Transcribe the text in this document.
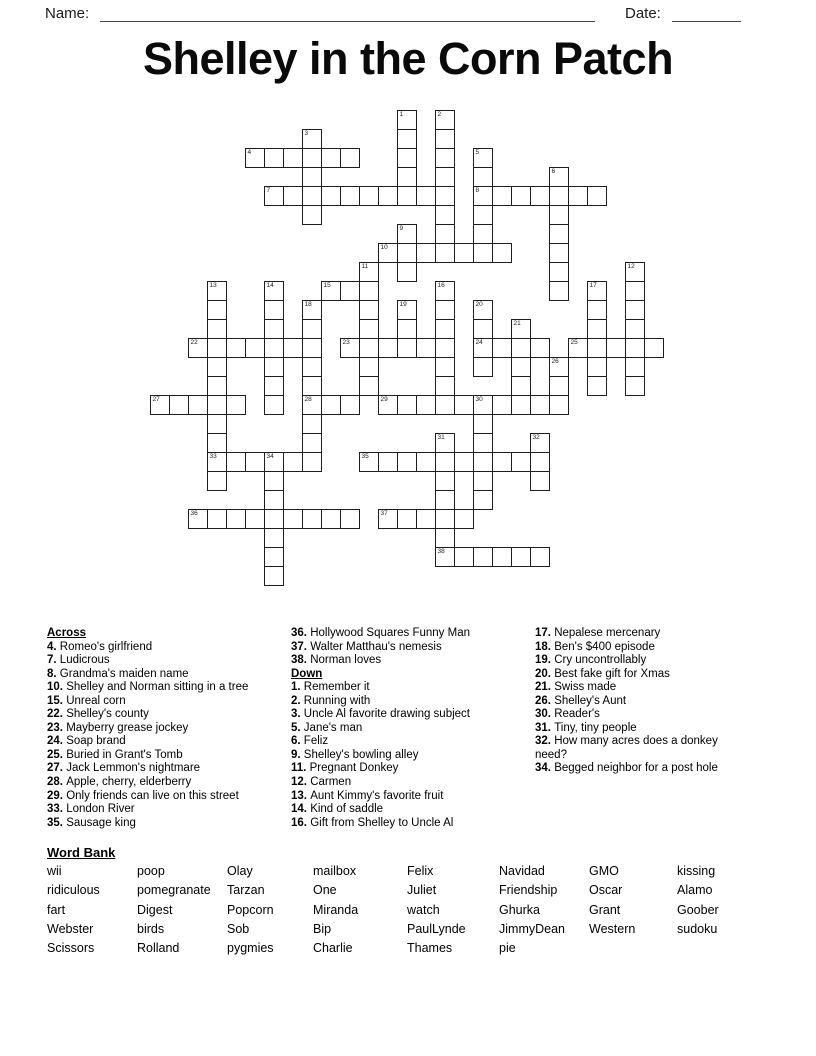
Name:	Date:
Shelley in the Corn Patch
1	2
3
4	5
8
6
7
9
10
11	12
13
33
14	15	16	17
18
28
19	20
24
21
22	23	25
26
27	29	30
31
38
32
34	35
36	37
Across
4. Romeo's girlfriend
7. Ludicrous
8. Grandma's maiden name
10. Shelley and Norman sitting in a tree
15. Unreal corn
22. Shelley's county
23. Mayberry grease jockey
24. Soap brand
25. Buried in Grant's Tomb
27. Jack Lemmon's nightmare
28. Apple, cherry, elderberry
29. Only friends can live on this street
33. London River
35. Sausage king
36. Hollywood Squares Funny Man
37. Walter Matthau's nemesis
38. Norman loves
Down
1. Remember it
2. Running with
3. Uncle Al favorite drawing subject
5. Jane's man
6. Feliz
9. Shelley's bowling alley
11. Pregnant Donkey
12. Carmen
13. Aunt Kimmy's favorite fruit
14. Kind of saddle
16. Gift from Shelley to Uncle Al
17. Nepalese mercenary
18. Ben's $400 episode
19. Cry uncontrollably
20. Best fake gift for Xmas
21. Swiss made
26. Shelley's Aunt
30. Reader's
31. Tiny, tiny people
32. How many acres does a donkey need?
34. Begged neighbor for a post hole
Word Bank
wii	poop	Olay	mailbox	Felix	Navidad	GMO	kissing
ridiculous	pomegranate	Tarzan	One	Juliet	Friendship	Oscar	Alamo
fart	Digest	Popcorn	Miranda	watch	Ghurka	Grant	Goober
Webster	birds	Sob	Bip	PaulLynde	JimmyDean	Western	sudoku
Scissors	Rolland	pygmies	Charlie	Thames	pie
